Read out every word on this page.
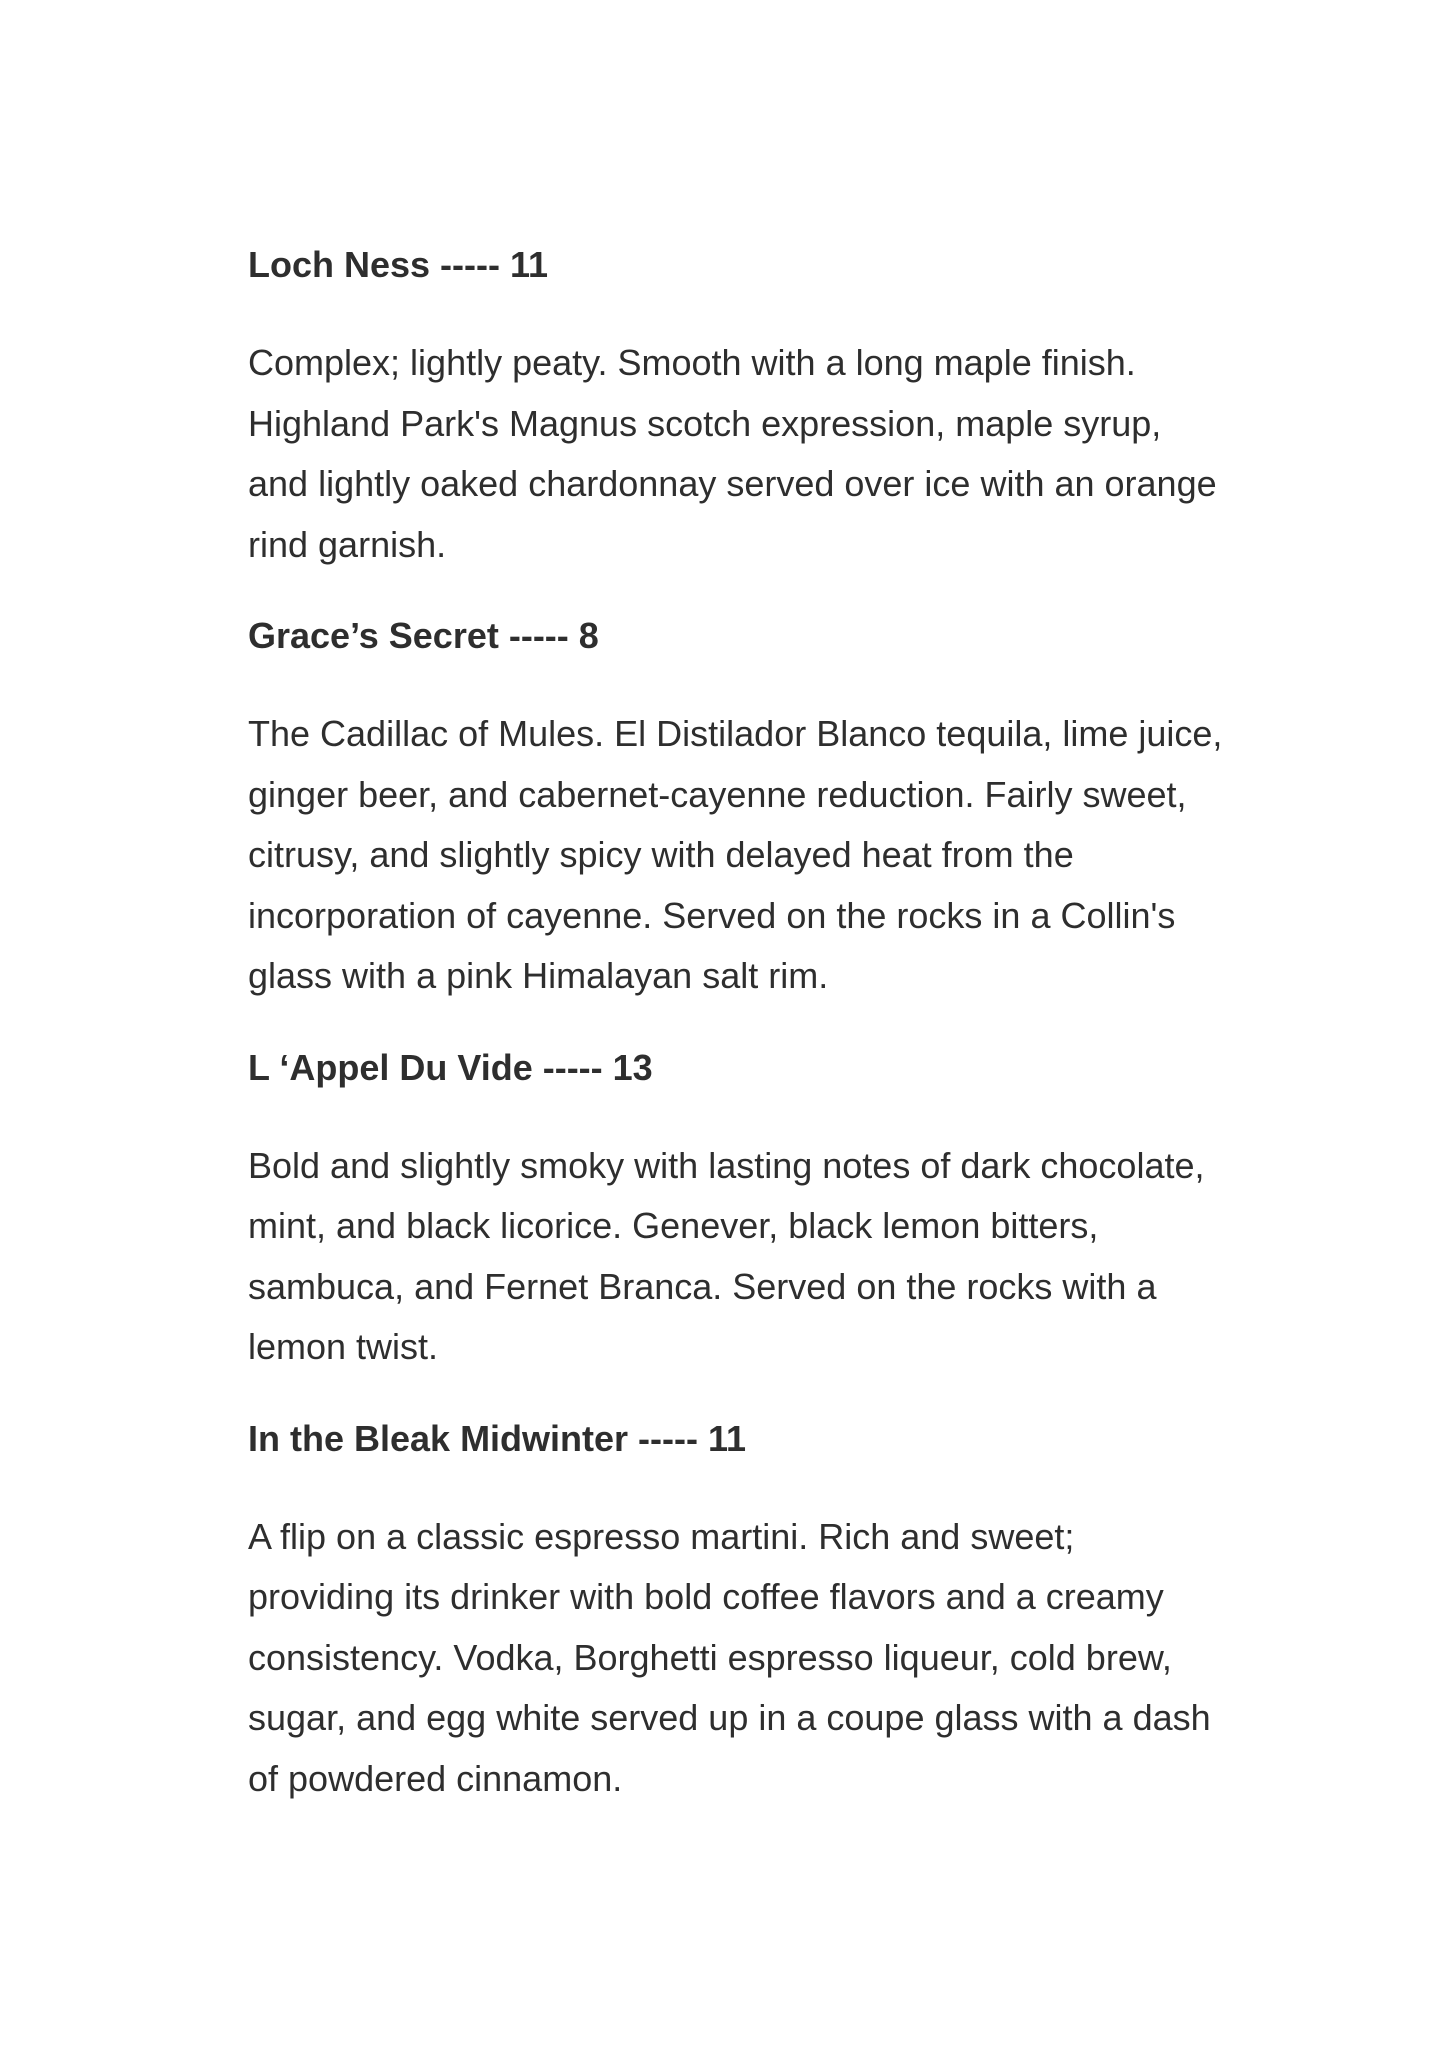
Loch Ness ----- 11

Complex; lightly peaty. Smooth with a long maple finish. Highland Park's Magnus scotch expression, maple syrup, and lightly oaked chardonnay served over ice with an orange rind garnish.

Grace’s Secret ----- 8

The Cadillac of Mules. El Distilador Blanco tequila, lime juice, ginger beer, and cabernet-cayenne reduction. Fairly sweet, citrusy, and slightly spicy with delayed heat from the incorporation of cayenne. Served on the rocks in a Collin's glass with a pink Himalayan salt rim.

L ‘Appel Du Vide ----- 13

Bold and slightly smoky with lasting notes of dark chocolate, mint, and black licorice. Genever, black lemon bitters, sambuca, and Fernet Branca. Served on the rocks with a lemon twist.

In the Bleak Midwinter ----- 11

A flip on a classic espresso martini. Rich and sweet; providing its drinker with bold coffee flavors and a creamy consistency. Vodka, Borghetti espresso liqueur, cold brew, sugar, and egg white served up in a coupe glass with a dash of powdered cinnamon.
